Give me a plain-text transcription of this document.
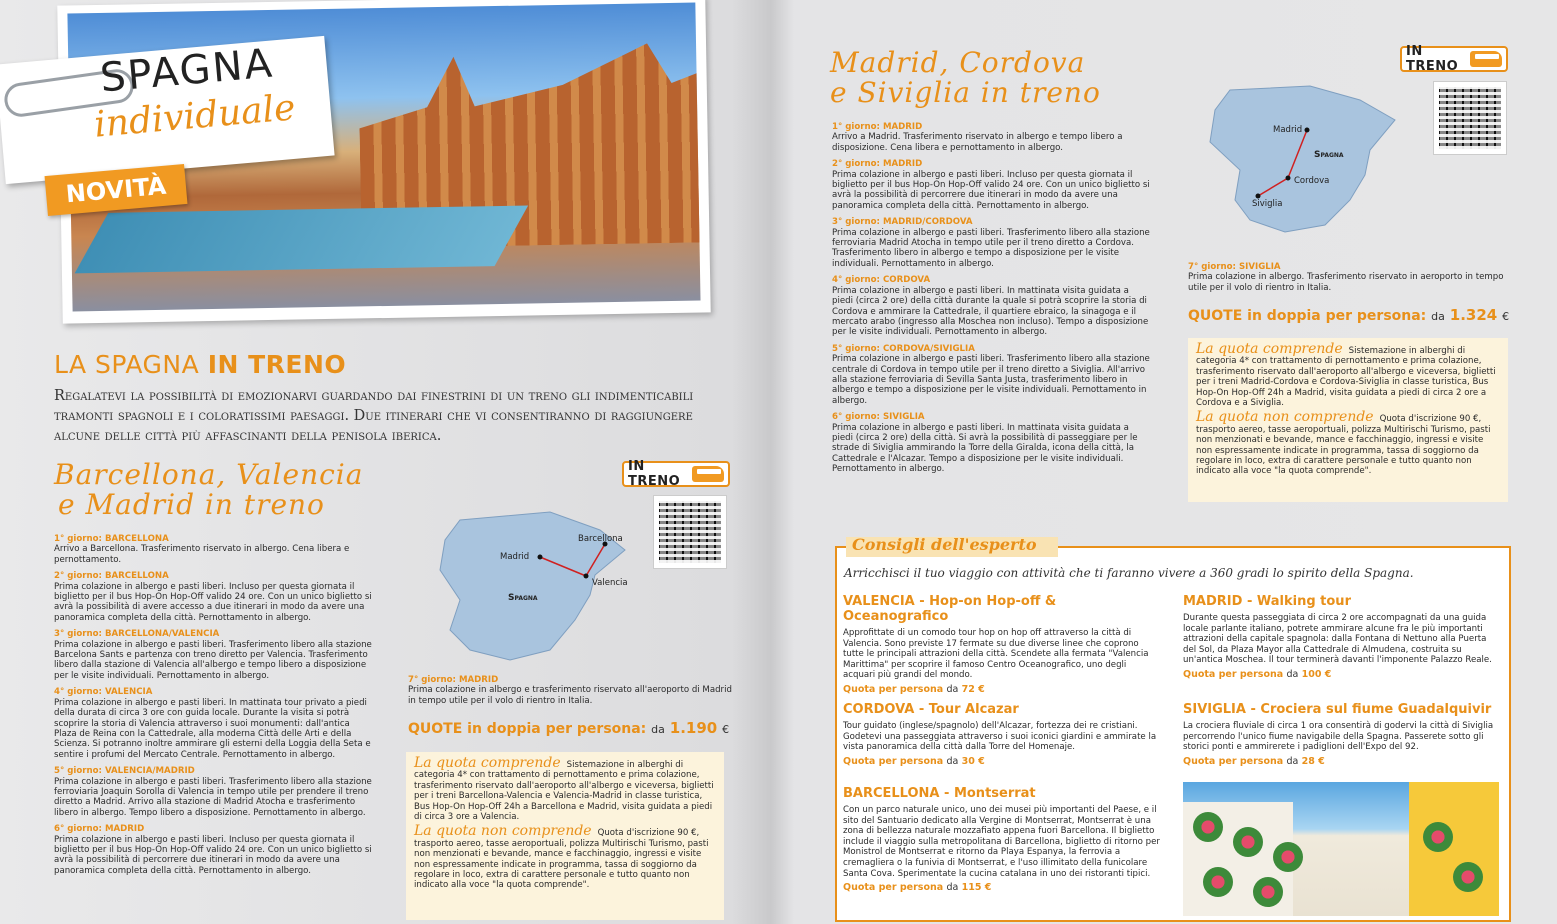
SPAGNA
individuale
NOVITÀ
LA SPAGNA IN TRENO
Regalatevi la possibilità di emozionarvi guardando dai finestrini di un treno gli indimenticabili tramonti spagnoli e i coloratissimi paesaggi. Due itinerari che vi consentiranno di raggiungere alcune delle città più affascinanti della penisola iberica.
Barcellona, Valencia
e Madrid in treno
1° giorno: BARCELLONA
Arrivo a Barcellona. Trasferimento riservato in albergo. Cena libera e pernottamento.
2° giorno: BARCELLONA
Prima colazione in albergo e pasti liberi. Incluso per questa giornata il biglietto per il bus Hop-On Hop-Off valido 24 ore. Con un unico biglietto si avrà la possibilità di avere accesso a due itinerari in modo da avere una panoramica completa della città. Pernottamento in albergo.
3° giorno: BARCELLONA/VALENCIA
Prima colazione in albergo e pasti liberi. Trasferimento libero alla stazione Barcelona Sants e partenza con treno diretto per Valencia. Trasferimento libero dalla stazione di Valencia all'albergo e tempo libero a disposizione per le visite individuali. Pernottamento in albergo.
4° giorno: VALENCIA
Prima colazione in albergo e pasti liberi. In mattinata tour privato a piedi della durata di circa 3 ore con guida locale. Durante la visita si potrà scoprire la storia di Valencia attraverso i suoi monumenti: dall'antica Plaza de Reina con la Cattedrale, alla moderna Città delle Arti e della Scienza. Si potranno inoltre ammirare gli esterni della Loggia della Seta e sentire i profumi del Mercato Centrale. Pernottamento in albergo.
5° giorno: VALENCIA/MADRID
Prima colazione in albergo e pasti liberi. Trasferimento libero alla stazione ferroviaria Joaquin Sorolla di Valencia in tempo utile per prendere il treno diretto a Madrid. Arrivo alla stazione di Madrid Atocha e trasferimento libero in albergo. Tempo libero a disposizione. Pernottamento in albergo.
6° giorno: MADRID
Prima colazione in albergo e pasti liberi. Incluso per questa giornata il biglietto per il bus Hop-On Hop-Off valido 24 ore. Con un unico biglietto si avrà la possibilità di percorrere due itinerari in modo da avere una panoramica completa della città. Pernottamento in albergo.
IN TRENO
Madrid
Barcellona
Valencia
Spagna
7° giorno: MADRID
Prima colazione in albergo e trasferimento riservato all'aeroporto di Madrid in tempo utile per il volo di rientro in Italia.
QUOTE in doppia per persona: da 1.190 €
La quota comprende Sistemazione in alberghi di categoria 4* con trattamento di pernottamento e prima colazione, trasferimento riservato dall'aeroporto all'albergo e viceversa, biglietti per i treni Barcellona-Valencia e Valencia-Madrid in classe turistica, Bus Hop-On Hop-Off 24h a Barcellona e Madrid, visita guidata a piedi di circa 3 ore a Valencia.
La quota non comprende Quota d'iscrizione 90 €, trasporto aereo, tasse aeroportuali, polizza Multirischi Turismo, pasti non menzionati e bevande, mance e facchinaggio, ingressi e visite non espressamente indicate in programma, tassa di soggiorno da regolare in loco, extra di carattere personale e tutto quanto non indicato alla voce "la quota comprende".
Madrid, Cordova
e Siviglia in treno
1° giorno: MADRID
Arrivo a Madrid. Trasferimento riservato in albergo e tempo libero a disposizione. Cena libera e pernottamento in albergo.
2° giorno: MADRID
Prima colazione in albergo e pasti liberi. Incluso per questa giornata il biglietto per il bus Hop-On Hop-Off valido 24 ore. Con un unico biglietto si avrà la possibilità di percorrere due itinerari in modo da avere una panoramica completa della città. Pernottamento in albergo.
3° giorno: MADRID/CORDOVA
Prima colazione in albergo e pasti liberi. Trasferimento libero alla stazione ferroviaria Madrid Atocha in tempo utile per il treno diretto a Cordova. Trasferimento libero in albergo e tempo a disposizione per le visite individuali. Pernottamento in albergo.
4° giorno: CORDOVA
Prima colazione in albergo e pasti liberi. In mattinata visita guidata a piedi (circa 2 ore) della città durante la quale si potrà scoprire la storia di Cordova e ammirare la Cattedrale, il quartiere ebraico, la sinagoga e il mercato arabo (ingresso alla Moschea non incluso). Tempo a disposizione per le visite individuali. Pernottamento in albergo.
5° giorno: CORDOVA/SIVIGLIA
Prima colazione in albergo e pasti liberi. Trasferimento libero alla stazione centrale di Cordova in tempo utile per il treno diretto a Siviglia. All'arrivo alla stazione ferroviaria di Sevilla Santa Justa, trasferimento libero in albergo e tempo a disposizione per le visite individuali. Pernottamento in albergo.
6° giorno: SIVIGLIA
Prima colazione in albergo e pasti liberi. In mattinata visita guidata a piedi (circa 2 ore) della città. Si avrà la possibilità di passeggiare per le strade di Siviglia ammirando la Torre della Giralda, icona della città, la Cattedrale e l'Alcazar. Tempo a disposizione per le visite individuali. Pernottamento in albergo.
IN TRENO
Madrid
Cordova
Siviglia
Spagna
7° giorno: SIVIGLIA
Prima colazione in albergo. Trasferimento riservato in aeroporto in tempo utile per il volo di rientro in Italia.
QUOTE in doppia per persona: da 1.324 €
La quota comprende Sistemazione in alberghi di categoria 4* con trattamento di pernottamento e prima colazione, trasferimento riservato dall'aeroporto all'albergo e viceversa, biglietti per i treni Madrid-Cordova e Cordova-Siviglia in classe turistica, Bus Hop-On Hop-Off 24h a Madrid, visita guidata a piedi di circa 2 ore a Cordova e a Siviglia.
La quota non comprende Quota d'iscrizione 90 €, trasporto aereo, tasse aeroportuali, polizza Multirischi Turismo, pasti non menzionati e bevande, mance e facchinaggio, ingressi e visite non espressamente indicate in programma, tassa di soggiorno da regolare in loco, extra di carattere personale e tutto quanto non indicato alla voce "la quota comprende".
Consigli dell'esperto
Arricchisci il tuo viaggio con attività che ti faranno vivere a 360 gradi lo spirito della Spagna.
VALENCIA - Hop-on Hop-off & Oceanografico
Approfittate di un comodo tour hop on hop off attraverso la città di Valencia. Sono previste 17 fermate su due diverse linee che coprono tutte le principali attrazioni della città. Scendete alla fermata "Valencia Marittima" per scoprire il famoso Centro Oceanografico, uno degli acquari più grandi del mondo.
Quota per persona da 72 €
MADRID - Walking tour
Durante questa passeggiata di circa 2 ore accompagnati da una guida locale parlante italiano, potrete ammirare alcune fra le più importanti attrazioni della capitale spagnola: dalla Fontana di Nettuno alla Puerta del Sol, da Plaza Mayor alla Cattedrale di Almudena, costruita su un'antica Moschea. Il tour terminerà davanti l'imponente Palazzo Reale.
Quota per persona da 100 €
CORDOVA - Tour Alcazar
Tour guidato (inglese/spagnolo) dell'Alcazar, fortezza dei re cristiani. Godetevi una passeggiata attraverso i suoi iconici giardini e ammirate la vista panoramica della città dalla Torre del Homenaje.
Quota per persona da 30 €
SIVIGLIA - Crociera sul fiume Guadalquivir
La crociera fluviale di circa 1 ora consentirà di godervi la città di Siviglia percorrendo l'unico fiume navigabile della Spagna. Passerete sotto gli storici ponti e ammirerete i padiglioni dell'Expo del 92.
Quota per persona da 28 €
BARCELLONA - Montserrat
Con un parco naturale unico, uno dei musei più importanti del Paese, e il sito del Santuario dedicato alla Vergine di Montserrat, Montserrat è una zona di bellezza naturale mozzafiato appena fuori Barcellona. Il biglietto include il viaggio sulla metropolitana di Barcellona, biglietto di ritorno per Monistrol de Montserrat e ritorno da Playa Espanya, la ferrovia a cremagliera o la funivia di Montserrat, e l'uso illimitato della funicolare Santa Cova. Sperimentate la cucina catalana in uno dei ristoranti tipici.
Quota per persona da 115 €
